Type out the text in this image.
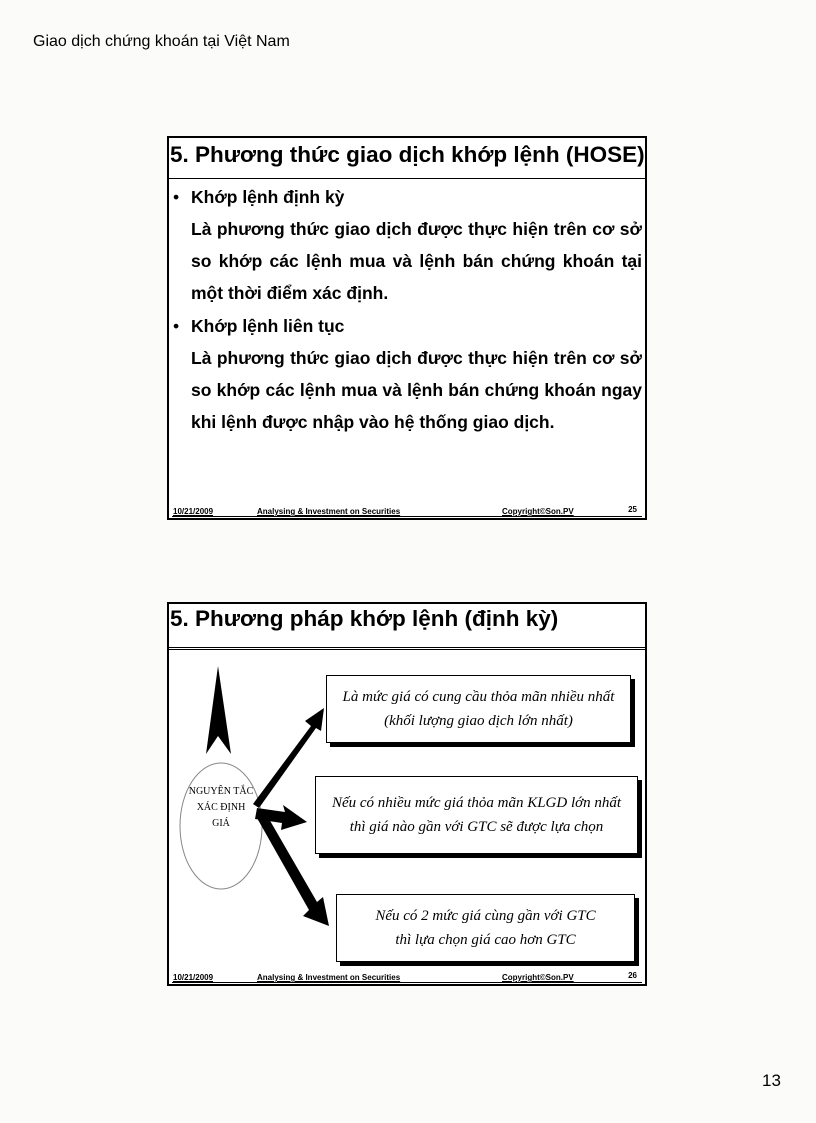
Giao dịch chứng khoán tại Việt Nam
5. Phương thức giao dịch khớp lệnh (HOSE)
• Khớp lệnh định kỳ
Là phương thức giao dịch được thực hiện trên cơ sở so khớp các lệnh mua và lệnh bán chứng khoán tại một thời điểm xác định.
• Khớp lệnh liên tục
Là phương thức giao dịch được thực hiện trên cơ sở so khớp các lệnh mua và lệnh bán chứng khoán ngay khi lệnh được nhập vào hệ thống giao dịch.
10/21/2009	Analysing & Investment on Securities	Copyright©Son.PV	25
5. Phương pháp khớp lệnh (định kỳ)
NGUYÊN TẮC
XÁC ĐỊNH
GIÁ
Là mức giá có cung cầu thỏa mãn nhiều nhất
(khối lượng giao dịch lớn nhất)
Nếu có nhiều mức giá thỏa mãn KLGD lớn nhất
thì giá nào gần với GTC sẽ được lựa chọn
Nếu có 2 mức giá cùng gần với GTC
thì lựa chọn giá cao hơn GTC
10/21/2009	Analysing & Investment on Securities	Copyright©Son.PV	26
13
